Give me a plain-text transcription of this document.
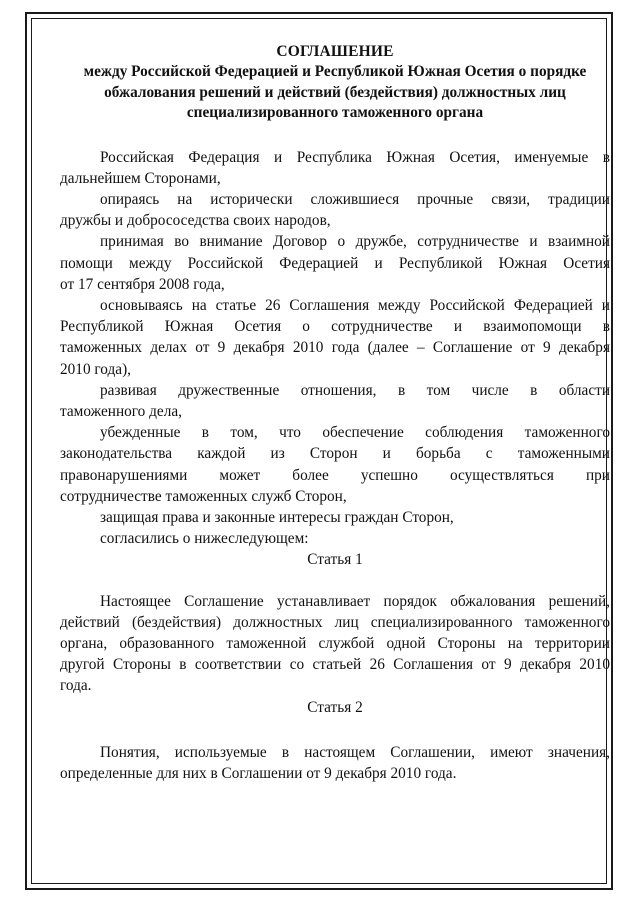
СОГЛАШЕНИЕ

между Российской Федерацией и Республикой Южная Осетия о порядке

обжалования решений и действий (бездействия) должностных лиц

специализированного таможенного органа

Российская Федерация и Республика Южная Осетия, именуемые в
дальнейшем Сторонами,
опираясь на исторически сложившиеся прочные связи, традиции
дружбы и добрососедства своих народов,
принимая во внимание Договор о дружбе, сотрудничестве и взаимной
помощи между Российской Федерацией и Республикой Южная Осетия
от 17 сентября 2008 года,
основываясь на статье 26 Соглашения между Российской Федерацией и
Республикой Южная Осетия о сотрудничестве и взаимопомощи в
таможенных делах от 9 декабря 2010 года (далее – Соглашение от 9 декабря
2010 года),
развивая дружественные отношения, в том числе в области
таможенного дела,
убежденные в том, что обеспечение соблюдения таможенного
законодательства каждой из Сторон и борьба с таможенными
правонарушениями может более успешно осуществляться при
сотрудничестве таможенных служб Сторон,
защищая права и законные интересы граждан Сторон,
согласились о нижеследующем:

Статья 1

Настоящее Соглашение устанавливает порядок обжалования решений,
действий (бездействия) должностных лиц специализированного таможенного
органа, образованного таможенной службой одной Стороны на территории
другой Стороны в соответствии со статьей 26 Соглашения от 9 декабря 2010
года.

Статья 2

Понятия, используемые в настоящем Соглашении, имеют значения,
определенные для них в Соглашении от 9 декабря 2010 года.
